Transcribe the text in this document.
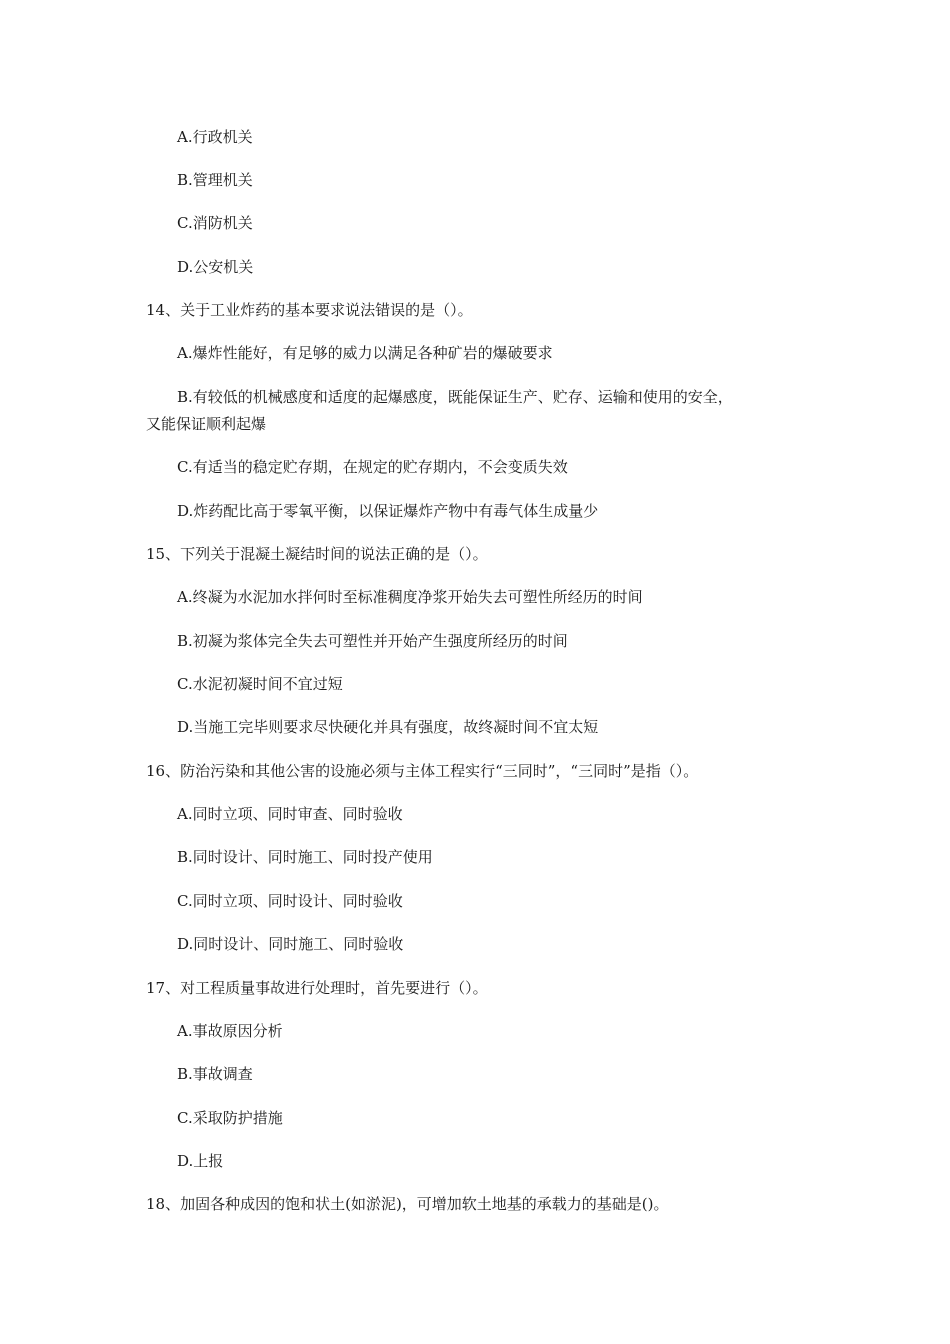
A.行政机关
B.管理机关
C.消防机关
D.公安机关
14、关于工业炸药的基本要求说法错误的是（）。
A.爆炸性能好，有足够的威力以满足各种矿岩的爆破要求
B.有较低的机械感度和适度的起爆感度，既能保证生产、贮存、运输和使用的安全，
又能保证顺利起爆
C.有适当的稳定贮存期，在规定的贮存期内，不会变质失效
D.炸药配比高于零氧平衡，以保证爆炸产物中有毒气体生成量少
15、下列关于混凝土凝结时间的说法正确的是（）。
A.终凝为水泥加水拌何时至标准稠度净浆开始失去可塑性所经历的时间
B.初凝为浆体完全失去可塑性并开始产生强度所经历的时间
C.水泥初凝时间不宜过短
D.当施工完毕则要求尽快硬化并具有强度，故终凝时间不宜太短
16、防治污染和其他公害的设施必须与主体工程实行“三同时”，“三同时”是指（）。
A.同时立项、同时审查、同时验收
B.同时设计、同时施工、同时投产使用
C.同时立项、同时设计、同时验收
D.同时设计、同时施工、同时验收
17、对工程质量事故进行处理时，首先要进行（）。
A.事故原因分析
B.事故调查
C.采取防护措施
D.上报
18、加固各种成因的饱和状土(如淤泥)，可增加软土地基的承载力的基础是()。
